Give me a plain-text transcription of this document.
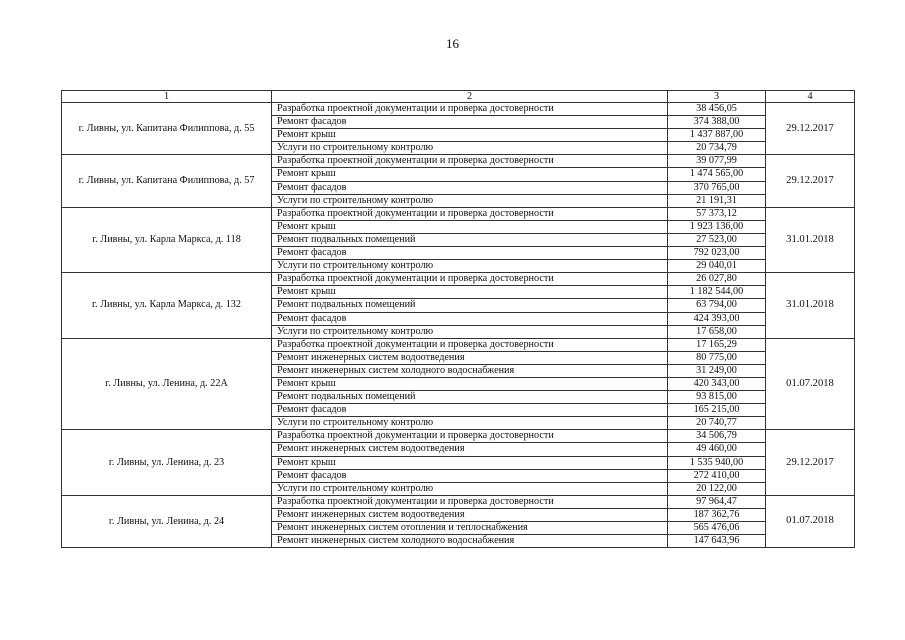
16
1	2	3	4
г. Ливны, ул. Капитана Филиппова, д. 55	Разработка проектной документации и проверка достоверности	38 456,05	29.12.2017
	Ремонт фасадов	374 388,00	
	Ремонт крыш	1 437 887,00	
	Услуги по строительному контролю	20 734,79	
г. Ливны, ул. Капитана Филиппова, д. 57	Разработка проектной документации и проверка достоверности	39 077,99	29.12.2017
	Ремонт крыш	1 474 565,00	
	Ремонт фасадов	370 765,00	
	Услуги по строительному контролю	21 191,31	
г. Ливны, ул. Карла Маркса, д. 118	Разработка проектной документации и проверка достоверности	57 373,12	31.01.2018
	Ремонт крыш	1 923 136,00	
	Ремонт подвальных помещений	27 523,00	
	Ремонт фасадов	792 023,00	
	Услуги по строительному контролю	29 040,01	
г. Ливны, ул. Карла Маркса, д. 132	Разработка проектной документации и проверка достоверности	26 027,80	31.01.2018
	Ремонт крыш	1 182 544,00	
	Ремонт подвальных помещений	63 794,00	
	Ремонт фасадов	424 393,00	
	Услуги по строительному контролю	17 658,00	
г. Ливны, ул. Ленина, д. 22А	Разработка проектной документации и проверка достоверности	17 165,29	01.07.2018
	Ремонт инженерных систем водоотведения	80 775,00	
	Ремонт инженерных систем холодного водоснабжения	31 249,00	
	Ремонт крыш	420 343,00	
	Ремонт подвальных помещений	93 815,00	
	Ремонт фасадов	165 215,00	
	Услуги по строительному контролю	20 740,77	
г. Ливны, ул. Ленина, д. 23	Разработка проектной документации и проверка достоверности	34 506,79	29.12.2017
	Ремонт инженерных систем водоотведения	49 460,00	
	Ремонт крыш	1 535 940,00	
	Ремонт фасадов	272 410,00	
	Услуги по строительному контролю	20 122,00	
г. Ливны, ул. Ленина, д. 24	Разработка проектной документации и проверка достоверности	97 964,47	01.07.2018
	Ремонт инженерных систем водоотведения	187 362,76	
	Ремонт инженерных систем отопления и теплоснабжения	565 476,06	
	Ремонт инженерных систем холодного водоснабжения	147 643,96	
